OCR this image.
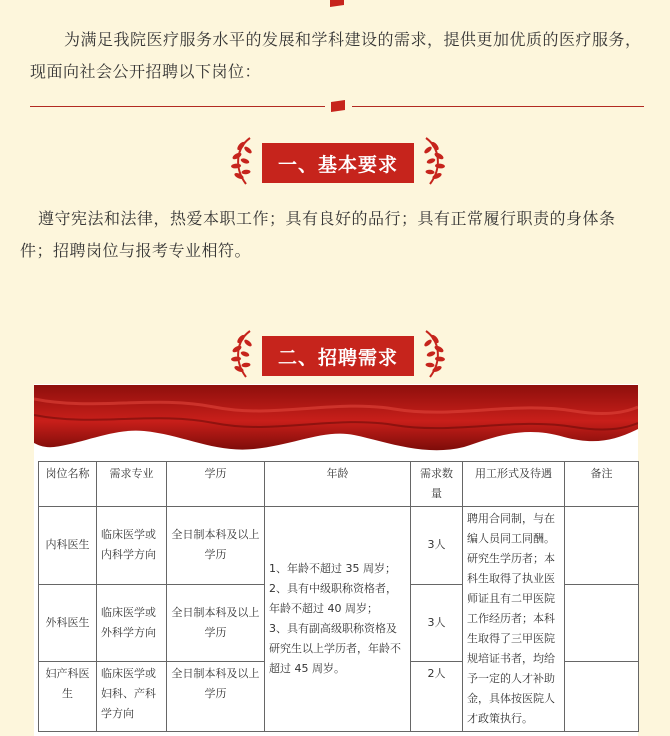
为满足我院医疗服务水平的发展和学科建设的需求，提供更加优质的医疗服务，现面向社会公开招聘以下岗位：
一、基本要求
遵守宪法和法律，热爱本职工作；具有良好的品行；具有正常履行职责的身体条件；招聘岗位与报考专业相符。
二、招聘需求
岗位名称	需求专业	学历	年龄	需求数量	用工形式及待遇	备注
内科医生	临床医学或内科学方向	全日制本科及以上学历	1、年龄不超过 35 周岁；
2、具有中级职称资格者，年龄不超过 40 周岁；
3、具有副高级职称资格及研究生以上学历者，年龄不超过 45 周岁。	3人	聘用合同制，与在编人员同工同酬。研究生学历者；本科生取得了执业医师证且有二甲医院工作经历者；本科生取得了三甲医院规培证书者，均给予一定的人才补助金，具体按医院人才政策执行。	
外科医生	临床医学或外科学方向	全日制本科及以上学历		3人		
妇产科医生	临床医学或妇科、产科学方向	全日制本科及以上学历		2人		
